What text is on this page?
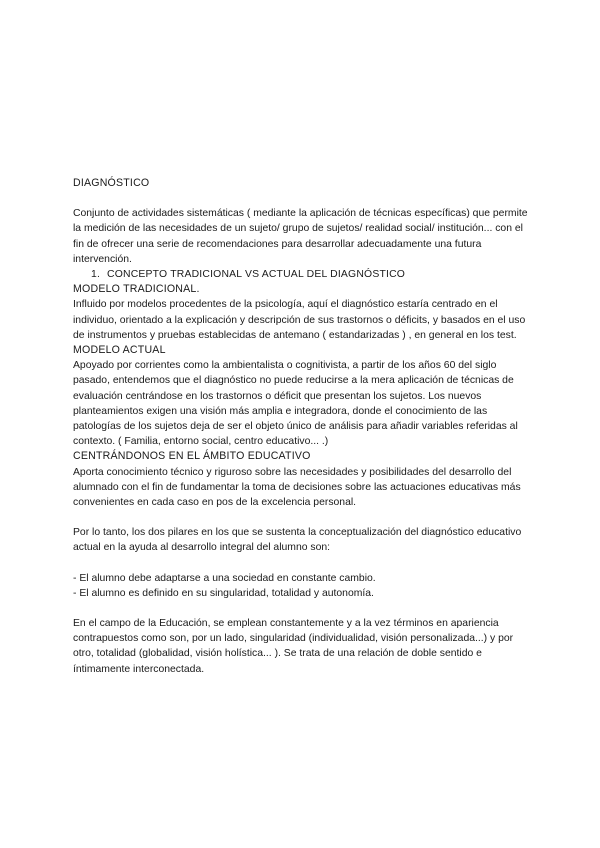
DIAGNÓSTICO

Conjunto de actividades sistemáticas ( mediante la aplicación de técnicas específicas) que permite la medición de las necesidades de un sujeto/ grupo de sujetos/ realidad social/ institución... con el fin de ofrecer una serie de recomendaciones para desarrollar adecuadamente una futura intervención.

1. CONCEPTO TRADICIONAL VS ACTUAL DEL DIAGNÓSTICO

MODELO TRADICIONAL.

Influido por modelos procedentes de la psicología, aquí el diagnóstico estaría centrado en el individuo, orientado a la explicación y descripción de sus trastornos o déficits, y basados en el uso de instrumentos y pruebas establecidas de antemano ( estandarizadas ) , en general en los test.

MODELO ACTUAL

Apoyado por corrientes como la ambientalista o cognitivista, a partir de los años 60 del siglo pasado, entendemos que el diagnóstico no puede reducirse a la mera aplicación de técnicas de evaluación centrándose en los trastornos o déficit que presentan los sujetos. Los nuevos planteamientos exigen una visión más amplia e integradora, donde el conocimiento de las patologías de los sujetos deja de ser el objeto único de análisis para añadir variables referidas al contexto. ( Familia, entorno social, centro educativo... .)

CENTRÁNDONOS EN EL ÁMBITO EDUCATIVO

Aporta conocimiento técnico y riguroso sobre las necesidades y posibilidades del desarrollo del alumnado con el fin de fundamentar la toma de decisiones sobre las actuaciones educativas más convenientes en cada caso en pos de la excelencia personal.

Por lo tanto, los dos pilares en los que se sustenta la conceptualización del diagnóstico educativo actual en la ayuda al desarrollo integral del alumno son:

- El alumno debe adaptarse a una sociedad en constante cambio.

- El alumno es definido en su singularidad, totalidad y autonomía.

En el campo de la Educación, se emplean constantemente y a la vez términos en apariencia contrapuestos como son, por un lado, singularidad (individualidad, visión personalizada...) y por otro, totalidad (globalidad, visión holística... ). Se trata de una relación de doble sentido e íntimamente interconectada.
